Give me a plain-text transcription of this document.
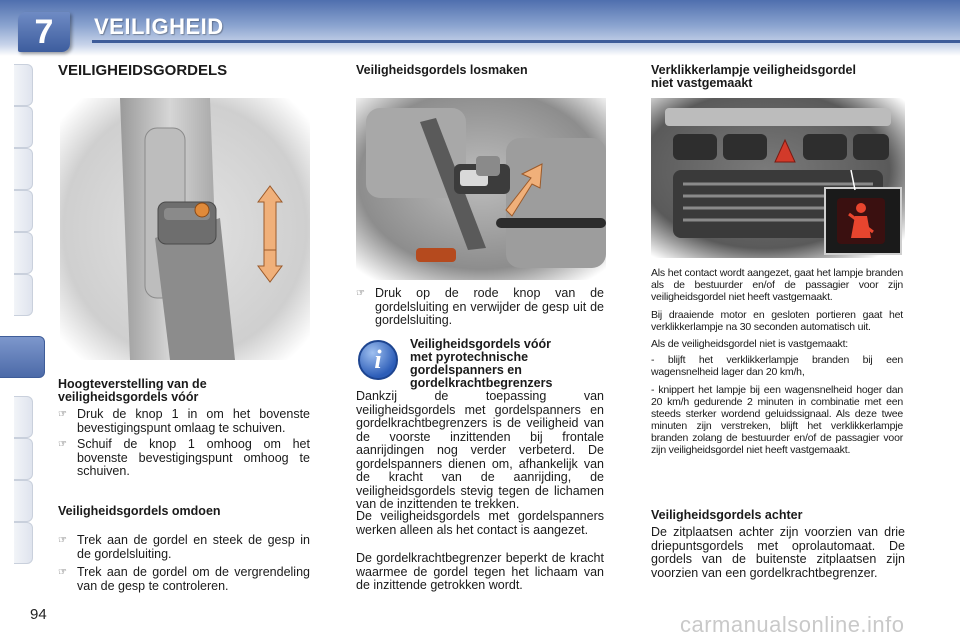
7	VEILIGHEID
94
VEILIGHEIDSGORDELS
Hoogteverstelling van de
veiligheidsgordels vóór
☞ Druk de knop 1 in om het bovenste bevestigingspunt omlaag te schuiven.
☞ Schuif de knop 1 omhoog om het bovenste bevestigingspunt omhoog te schuiven.
Veiligheidsgordels omdoen
☞ Trek aan de gordel en steek de gesp in de gordelsluiting.
☞ Trek aan de gordel om de vergrendeling van de gesp te controleren.
Veiligheidsgordels losmaken
☞ Druk op de rode knop van de gordelsluiting en verwijder de gesp uit de gordelsluiting.
i
Veiligheidsgordels vóór
met pyrotechnische
gordelspanners en
gordelkrachtbegrenzers
Dankzij de toepassing van veiligheidsgordels met gordelspanners en gordelkrachtbegrenzers is de veiligheid van de voorste inzittenden bij frontale aanrijdingen nog verder verbeterd. De gordelspanners dienen om, afhankelijk van de kracht van de aanrijding, de veiligheidsgordels stevig tegen de lichamen van de inzittenden te trekken.
De veiligheidsgordels met gordelspanners werken alleen als het contact is aangezet.
De gordelkrachtbegrenzer beperkt de kracht waarmee de gordel tegen het lichaam van de inzittende getrokken wordt.
Verklikkerlampje veiligheidsgordel
niet vastgemaakt
Als het contact wordt aangezet, gaat het lampje branden als de bestuurder en/of de passagier voor zijn veiligheidsgordel niet heeft vastgemaakt.
Bij draaiende motor en gesloten portieren gaat het verklikkerlampje na 30 seconden automatisch uit.
Als de veiligheidsgordel niet is vastgemaakt:
- blijft het verklikkerlampje branden bij een wagensnelheid lager dan 20 km/h,
- knippert het lampje bij een wagensnelheid hoger dan 20 km/h gedurende 2 minuten in combinatie met een steeds sterker wordend geluidssignaal. Als deze twee minuten zijn verstreken, blijft het verklikkerlampje branden zolang de bestuurder en/of de passagier voor zijn veiligheidsgordel niet heeft vastgemaakt.
Veiligheidsgordels achter
De zitplaatsen achter zijn voorzien van drie driepuntsgordels met oprolautomaat. De gordels van de buitenste zitplaatsen zijn voorzien van een gordelkrachtbegrenzer.
carmanualsonline.info
